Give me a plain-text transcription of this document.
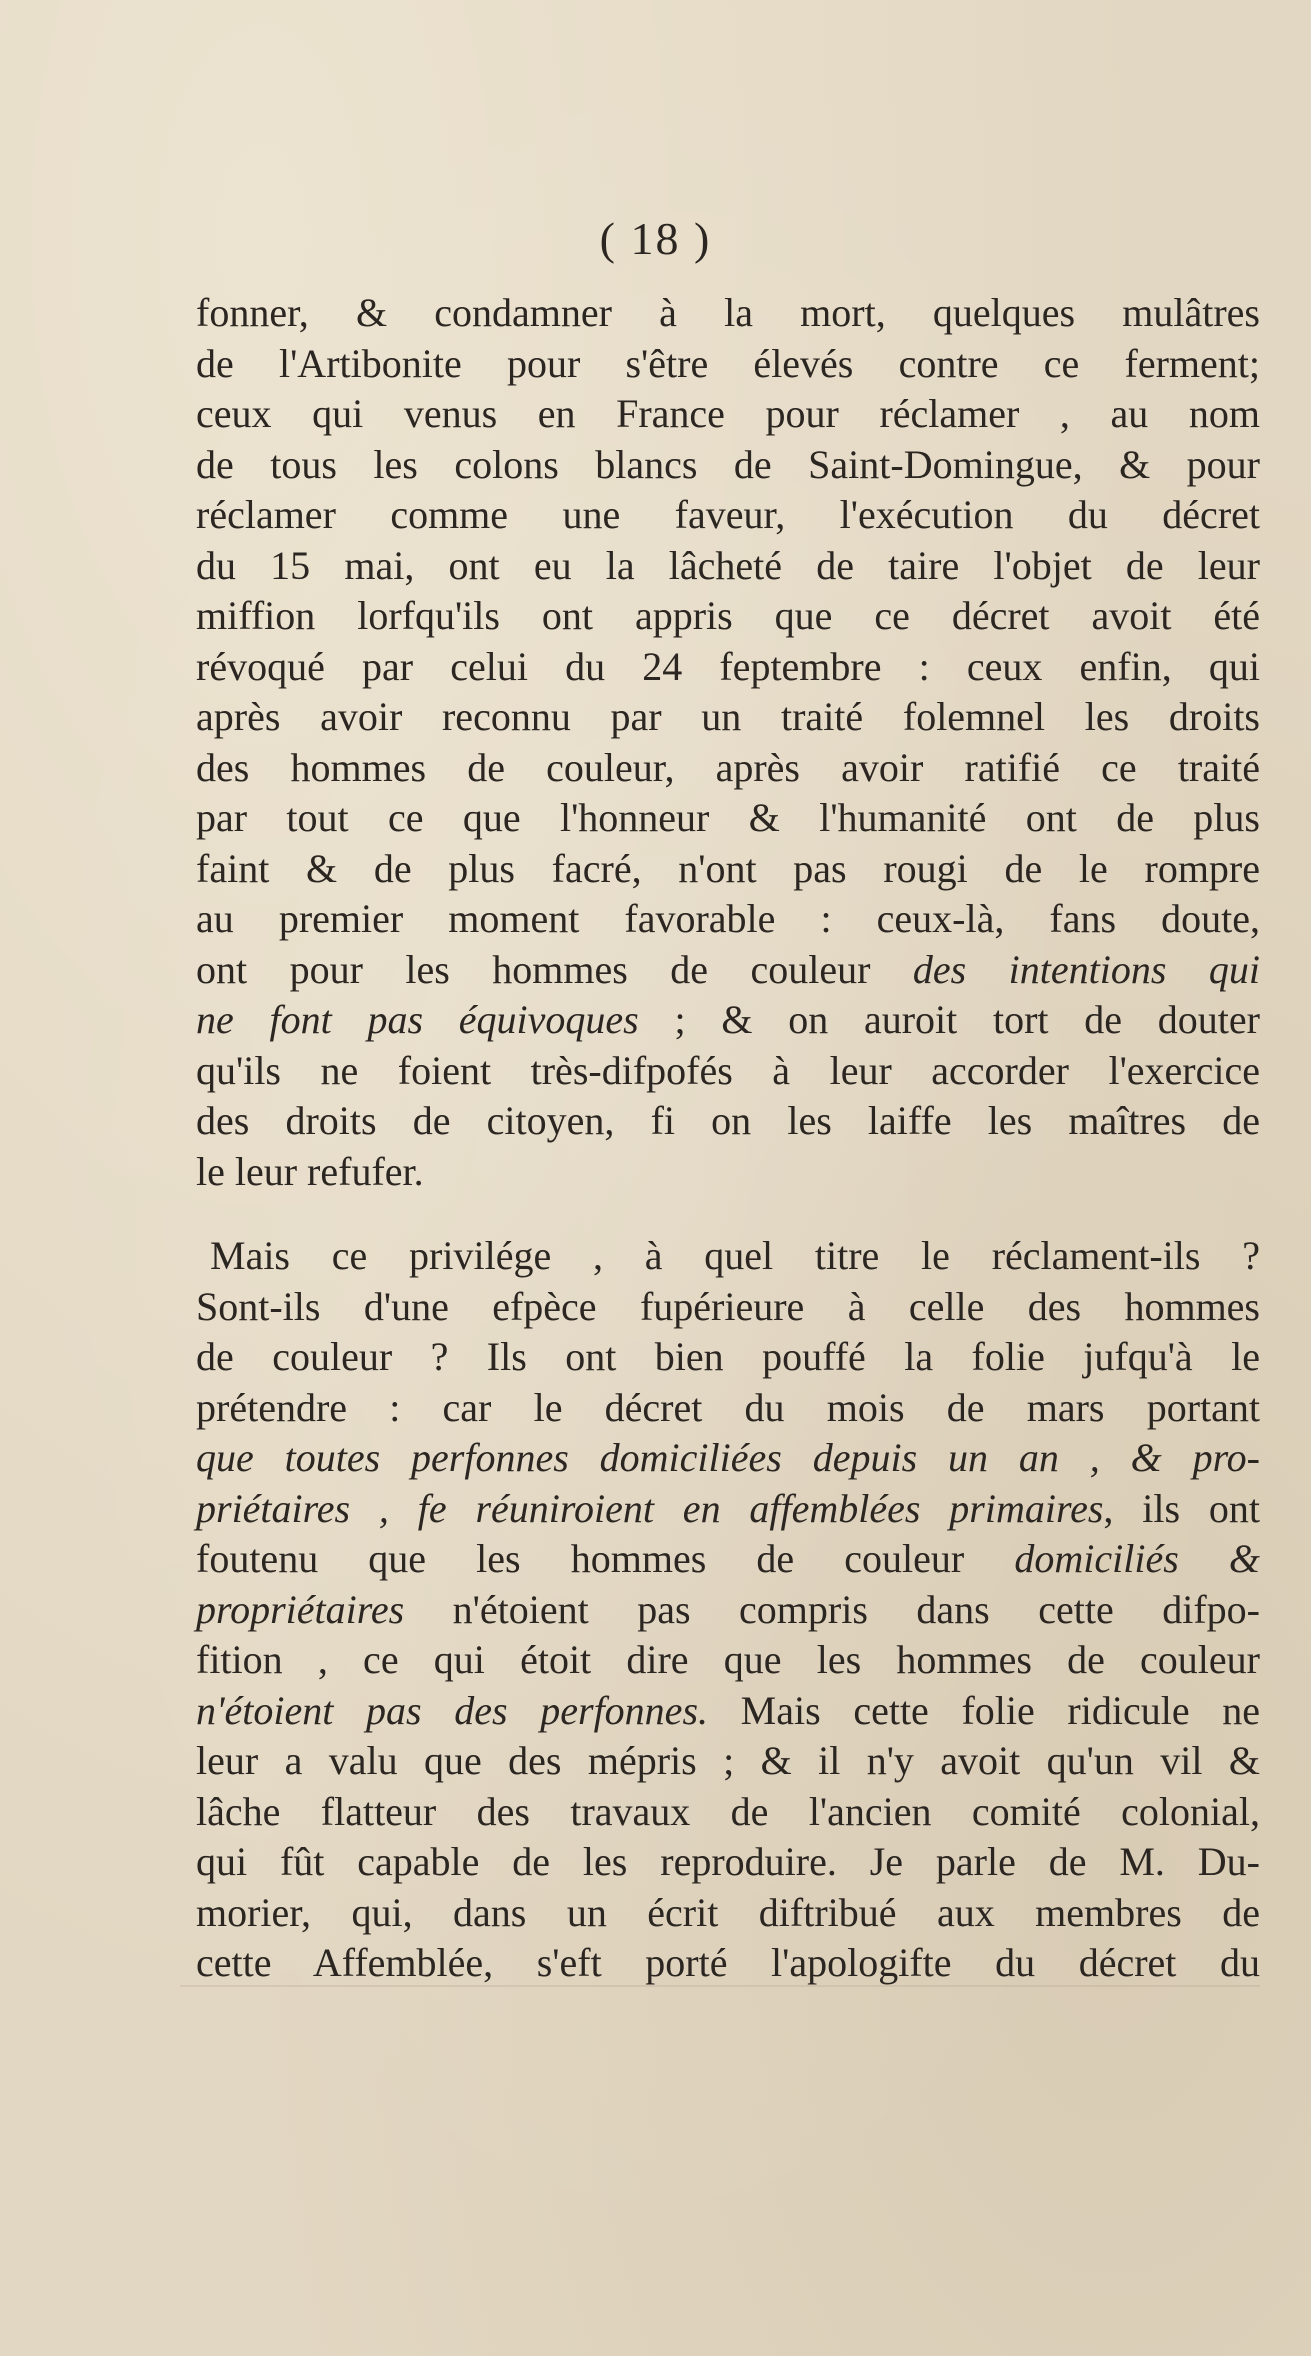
( 18 )
fonner, & condamner à la mort, quelques mulâtres
de l'Artibonite pour s'être élevés contre ce ferment;
ceux qui venus en France pour réclamer , au nom
de tous les colons blancs de Saint-Domingue, & pour
réclamer comme une faveur, l'exécution du décret
du 15 mai, ont eu la lâcheté de taire l'objet de leur
miffion lorfqu'ils ont appris que ce décret avoit été
révoqué par celui du 24 feptembre : ceux enfin, qui
après avoir reconnu par un traité folemnel les droits
des hommes de couleur, après avoir ratifié ce traité
par tout ce que l'honneur & l'humanité ont de plus
faint & de plus facré, n'ont pas rougi de le rompre
au premier moment favorable : ceux-là, fans doute,
ont pour les hommes de couleur des intentions qui
ne font pas équivoques ; & on auroit tort de douter
qu'ils ne foient très-difpofés à leur accorder l'exercice
des droits de citoyen, fi on les laiffe les maîtres de
le leur refufer.
Mais ce privilége , à quel titre le réclament-ils ?
Sont-ils d'une efpèce fupérieure à celle des hommes
de couleur ? Ils ont bien pouffé la folie jufqu'à le
prétendre : car le décret du mois de mars portant
que toutes perfonnes domiciliées depuis un an , & pro-
priétaires , fe réuniroient en affemblées primaires, ils ont
foutenu que les hommes de couleur domiciliés &
propriétaires n'étoient pas compris dans cette difpo-
fition , ce qui étoit dire que les hommes de couleur
n'étoient pas des perfonnes. Mais cette folie ridicule ne
leur a valu que des mépris ; & il n'y avoit qu'un vil &
lâche flatteur des travaux de l'ancien comité colonial,
qui fût capable de les reproduire. Je parle de M. Du-
morier, qui, dans un écrit diftribué aux membres de
cette Affemblée, s'eft porté l'apologifte du décret du
